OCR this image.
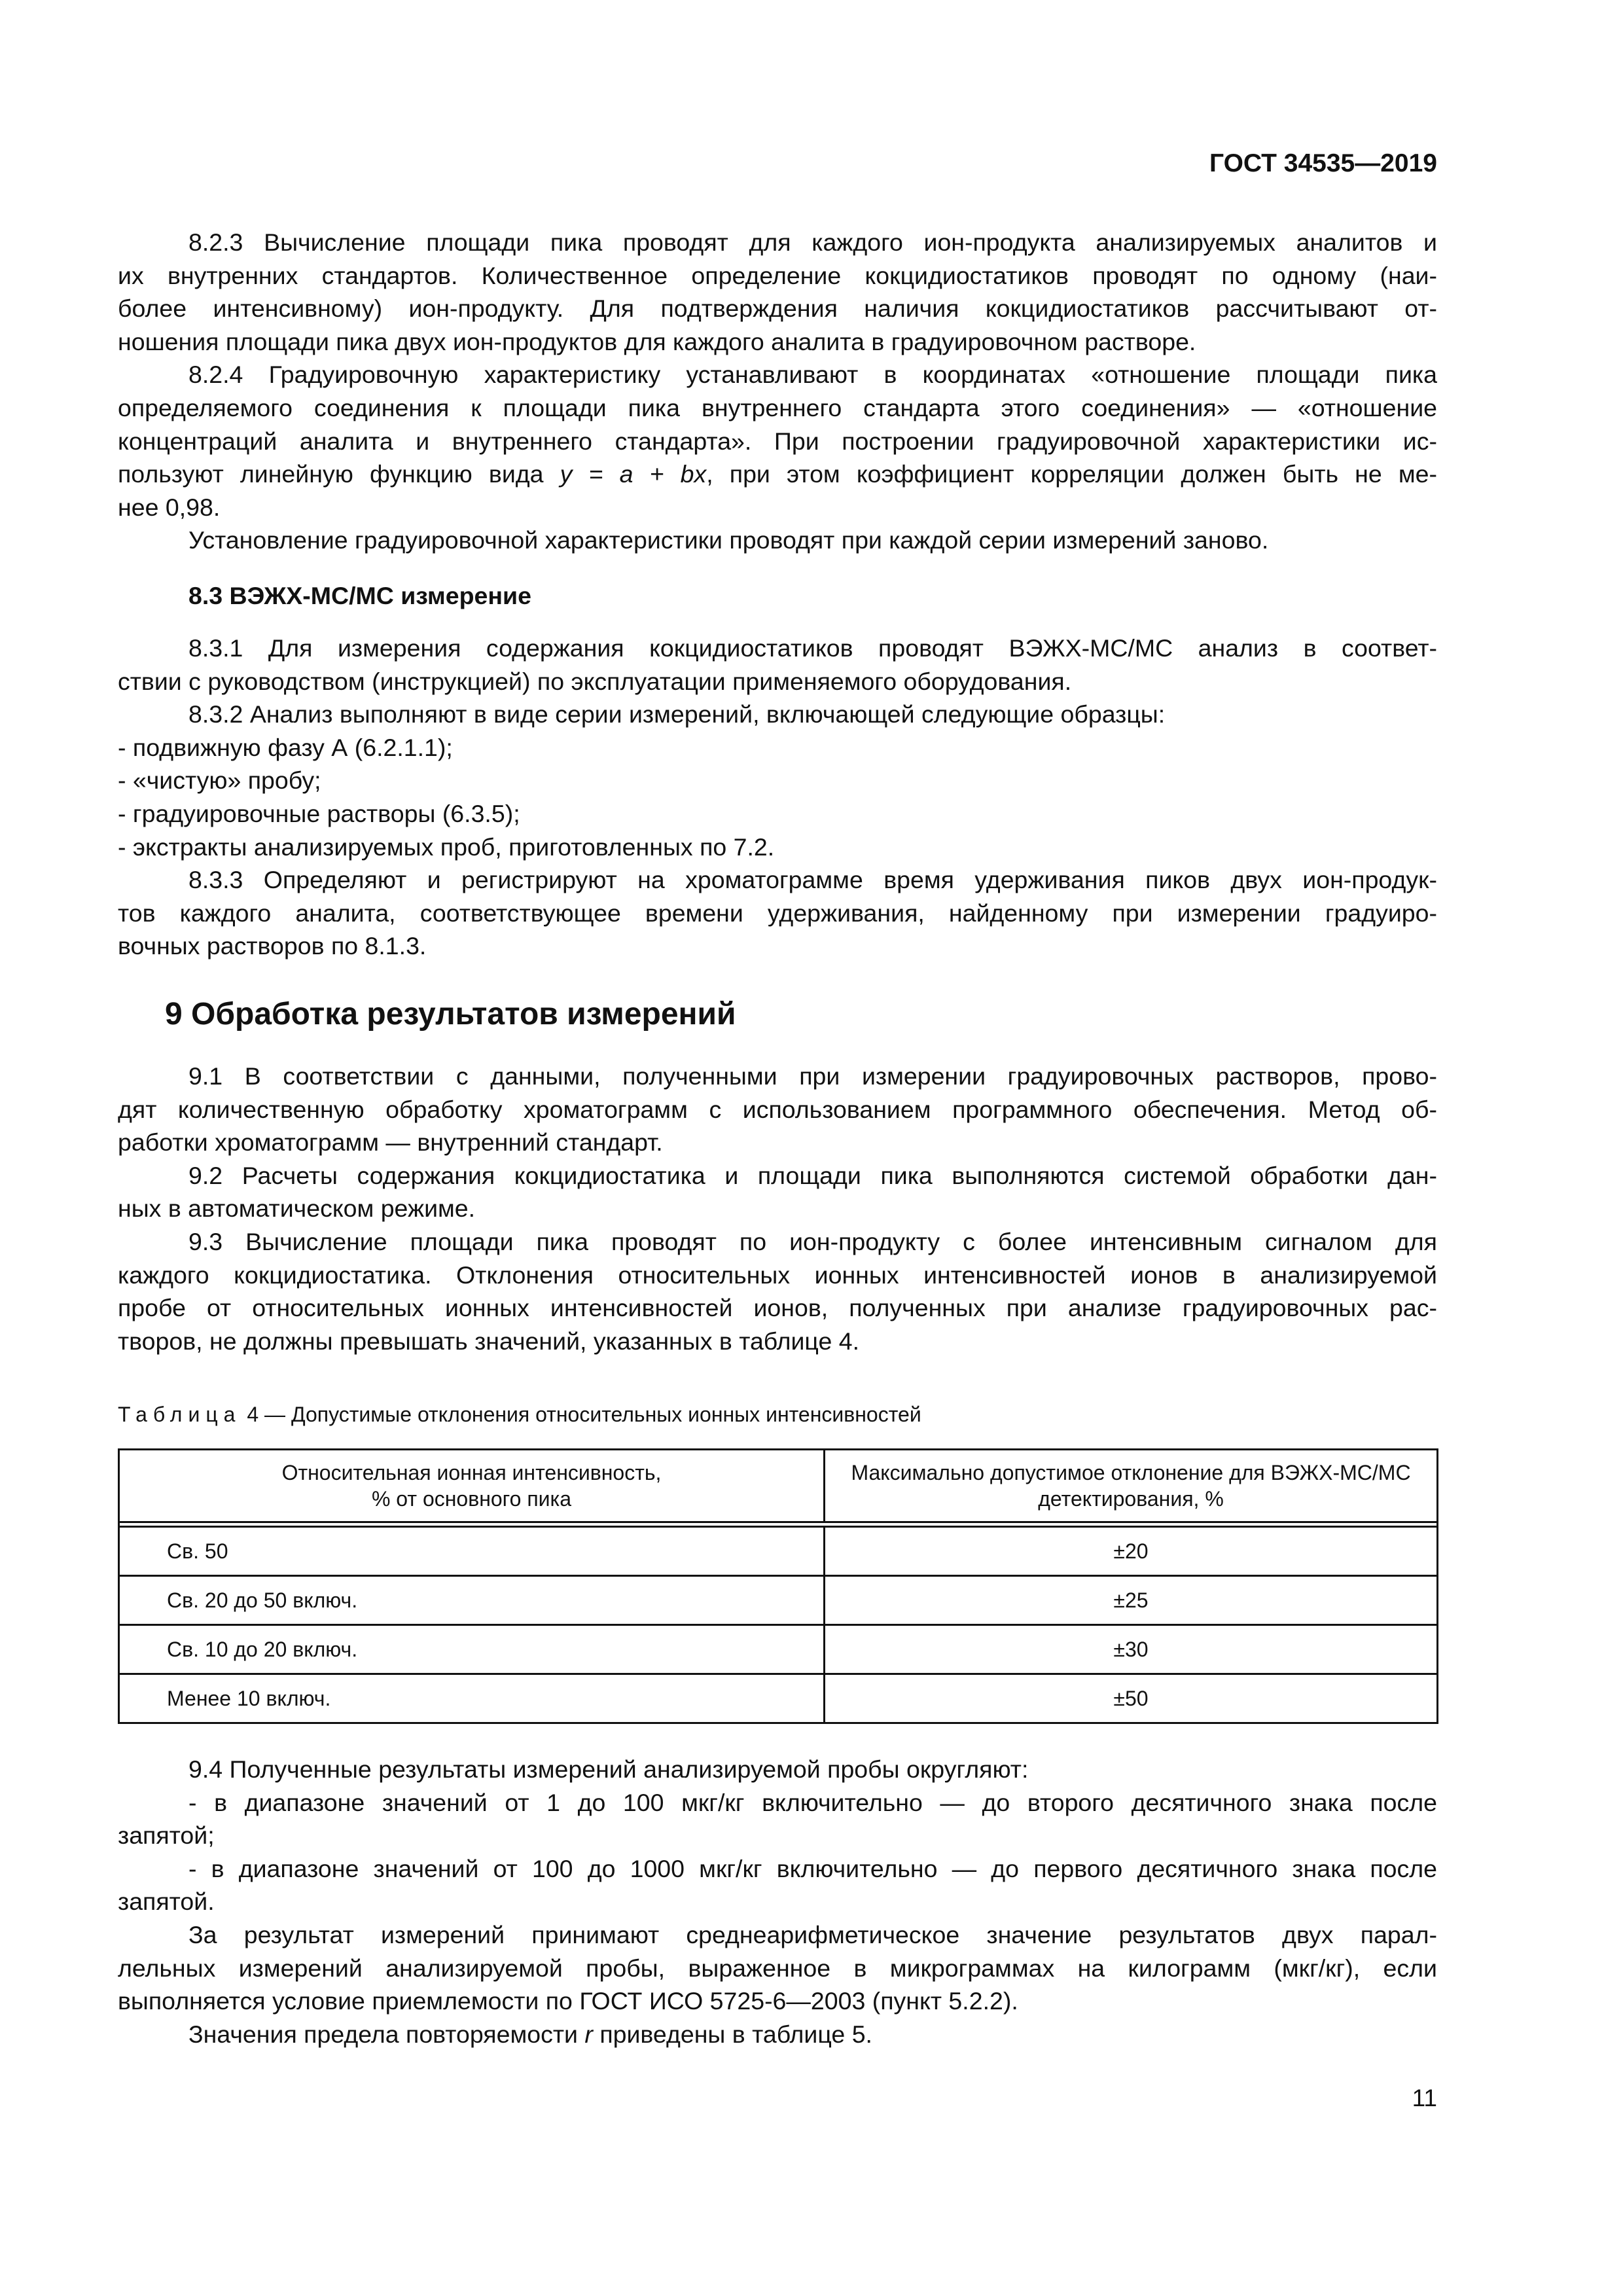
ГОСТ 34535—2019
8.2.3 Вычисление площади пика проводят для каждого ион-продукта анализируемых аналитов и
их внутренних стандартов. Количественное определение кокцидиостатиков проводят по одному (наи-
более интенсивному) ион-продукту. Для подтверждения наличия кокцидиостатиков рассчитывают от-
ношения площади пика двух ион-продуктов для каждого аналита в градуировочном растворе.
8.2.4 Градуировочную характеристику устанавливают в координатах «отношение площади пика
определяемого соединения к площади пика внутреннего стандарта этого соединения» — «отношение
концентраций аналита и внутреннего стандарта». При построении градуировочной характеристики ис-
пользуют линейную функцию вида y = a + bx, при этом коэффициент корреляции должен быть не ме-
нее 0,98.
Установление градуировочной характеристики проводят при каждой серии измерений заново.
8.3 ВЭЖХ-МС/МС измерение
8.3.1 Для измерения содержания кокцидиостатиков проводят ВЭЖХ-МС/МС анализ в соответ-
ствии с руководством (инструкцией) по эксплуатации применяемого оборудования.
8.3.2 Анализ выполняют в виде серии измерений, включающей следующие образцы:
- подвижную фазу А (6.2.1.1);
- «чистую» пробу;
- градуировочные растворы (6.3.5);
- экстракты анализируемых проб, приготовленных по 7.2.
8.3.3 Определяют и регистрируют на хроматограмме время удерживания пиков двух ион-продук-
тов каждого аналита, соответствующее времени удерживания, найденному при измерении градуиро-
вочных растворов по 8.1.3.
9 Обработка результатов измерений
9.1 В соответствии с данными, полученными при измерении градуировочных растворов, прово-
дят количественную обработку хроматограмм с использованием программного обеспечения. Метод об-
работки хроматограмм — внутренний стандарт.
9.2 Расчеты содержания кокцидиостатика и площади пика выполняются системой обработки дан-
ных в автоматическом режиме.
9.3 Вычисление площади пика проводят по ион-продукту с более интенсивным сигналом для
каждого кокцидиостатика. Отклонения относительных ионных интенсивностей ионов в анализируемой
пробе от относительных ионных интенсивностей ионов, полученных при анализе градуировочных рас-
творов, не должны превышать значений, указанных в таблице 4.
Таблица 4 — Допустимые отклонения относительных ионных интенсивностей
Относительная ионная интенсивность,
% от основного пика	Максимально допустимое отклонение для ВЭЖХ-МС/МС
детектирования, %

Св. 50	±20
Св. 20 до 50 включ.	±25
Св. 10 до 20 включ.	±30
Менее 10 включ.	±50
9.4 Полученные результаты измерений анализируемой пробы округляют:
- в диапазоне значений от 1 до 100 мкг/кг включительно — до второго десятичного знака после
запятой;
- в диапазоне значений от 100 до 1000 мкг/кг включительно — до первого десятичного знака после
запятой.
За результат измерений принимают среднеарифметическое значение результатов двух парал-
лельных измерений анализируемой пробы, выраженное в микрограммах на килограмм (мкг/кг), если
выполняется условие приемлемости по ГОСТ ИСО 5725-6—2003 (пункт 5.2.2).
Значения предела повторяемости r приведены в таблице 5.
11
